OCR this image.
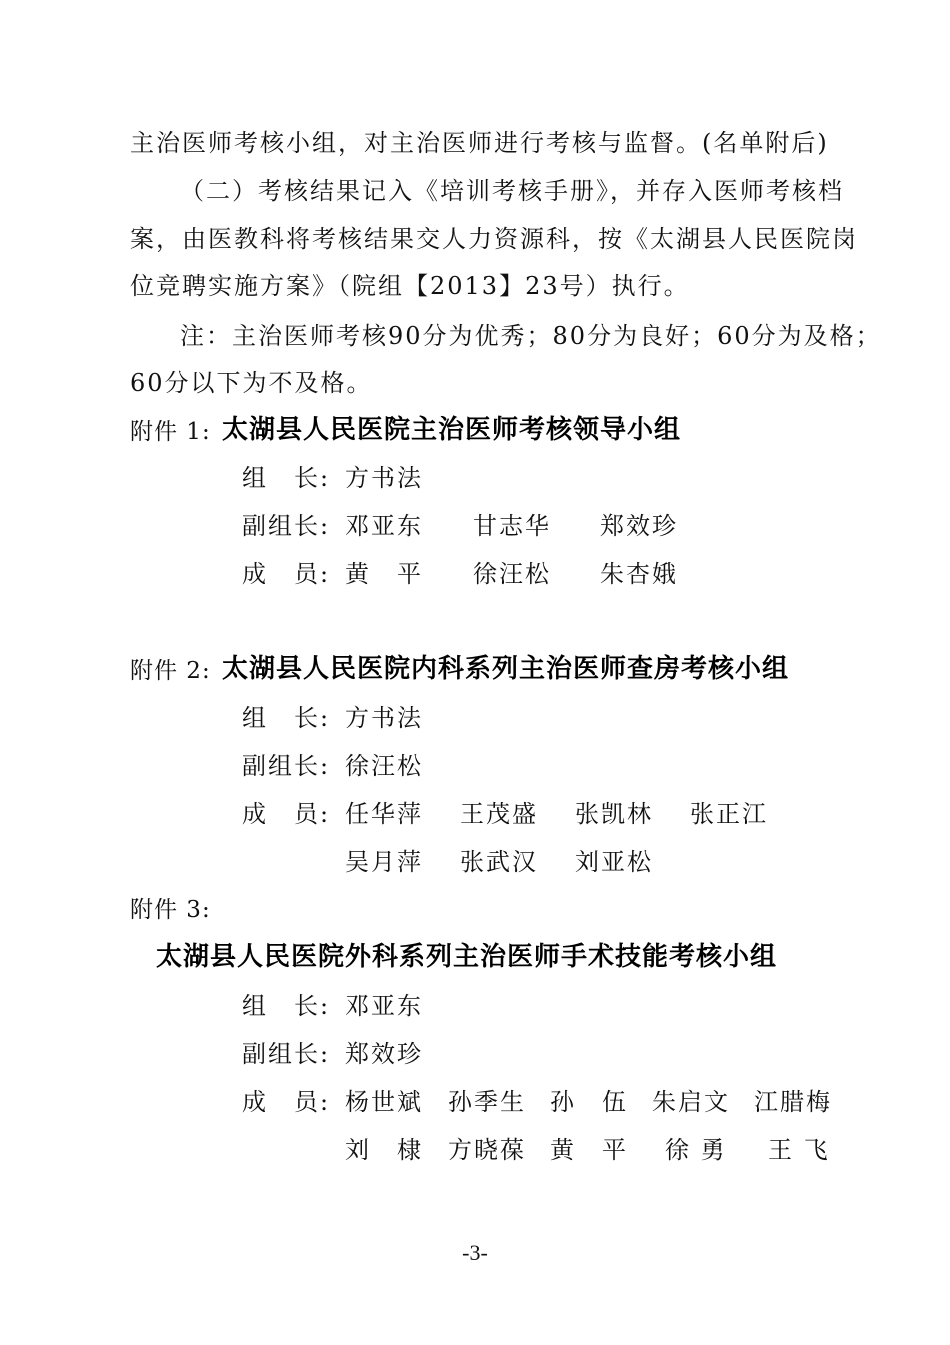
主治医师考核小组，对主治医师进行考核与监督。(名单附后)
（二）考核结果记入《培训考核手册》，并存入医师考核档
案，由医教科将考核结果交人力资源科，按《太湖县人民医院岗
位竞聘实施方案》（院组【2013】23号）执行。
注：主治医师考核90分为优秀；80分为良好；60分为及格；
60分以下为不及格。
附件 1: 太湖县人民医院主治医师考核领导小组
组　长: 方书法
副组长: 邓亚东 甘志华 郑效珍
成　员: 黄　平 徐汪松 朱杏娥
附件 2: 太湖县人民医院内科系列主治医师查房考核小组
组　长: 方书法
副组长: 徐汪松
成　员: 任华萍 王茂盛 张凯林 张正江
吴月萍 张武汉 刘亚松
附件 3:
太湖县人民医院外科系列主治医师手术技能考核小组
组　长: 邓亚东
副组长: 郑效珍
成　员: 杨世斌 孙季生 孙　伍 朱启文 江腊梅
刘　棣 方晓葆 黄　平 徐 勇 王 飞
-3-
